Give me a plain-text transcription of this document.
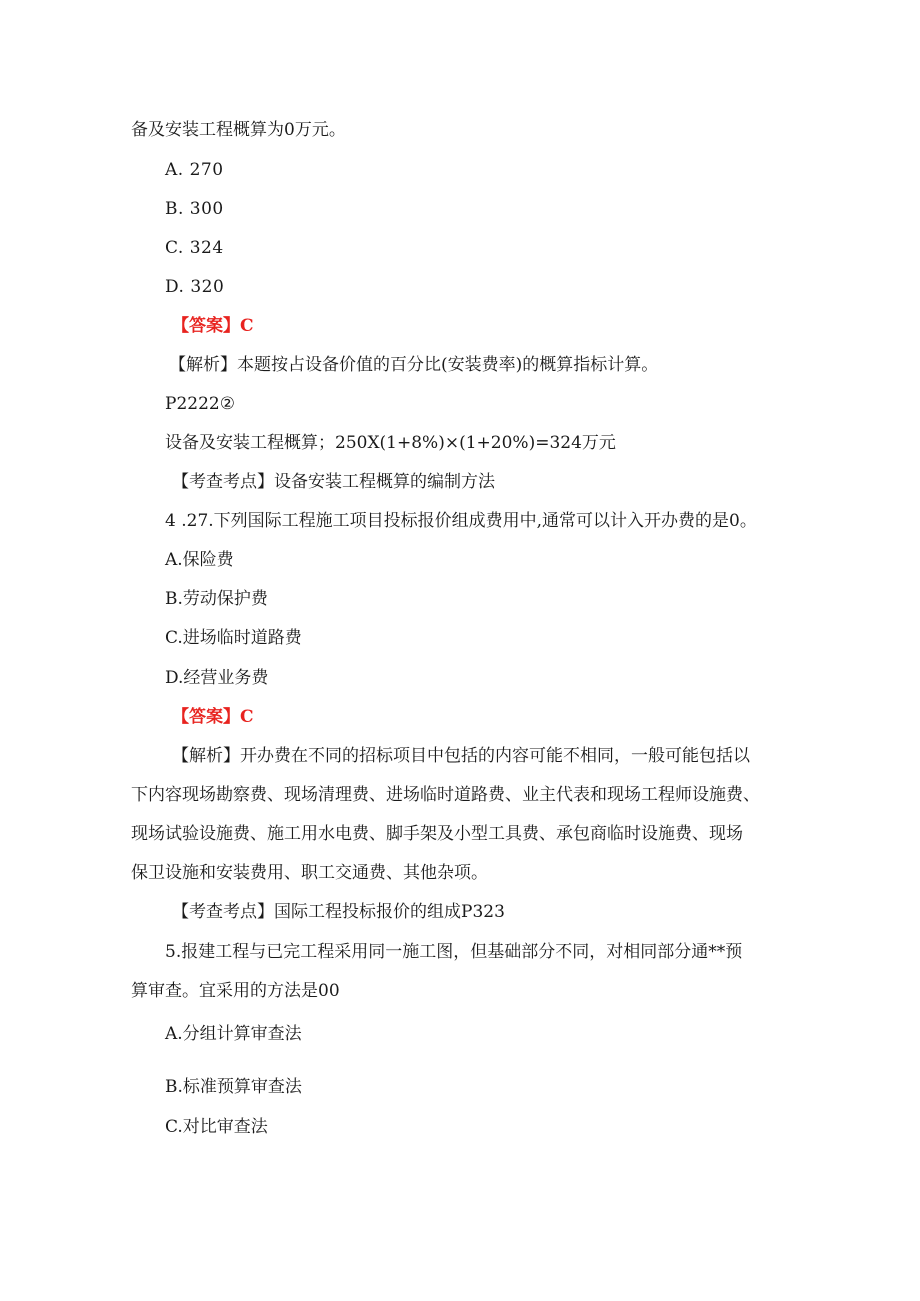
备及安装工程概算为0万元。
A. 270
B. 300
C. 324
D. 320
【答案】C
【解析】本题按占设备价值的百分比(安装费率)的概算指标计算。
P2222②
设备及安装工程概算；250X(1+8%)×(1+20%)=324万元
【考查考点】设备安装工程概算的编制方法
4 .27.下列国际工程施工项目投标报价组成费用中,通常可以计入开办费的是0。
A.保险费
B.劳动保护费
C.进场临时道路费
D.经营业务费
【答案】C
【解析】开办费在不同的招标项目中包括的内容可能不相同，一般可能包括以
下内容现场勘察费、现场清理费、进场临时道路费、业主代表和现场工程师设施费、
现场试验设施费、施工用水电费、脚手架及小型工具费、承包商临时设施费、现场
保卫设施和安装费用、职工交通费、其他杂项。
【考查考点】国际工程投标报价的组成P323
5.报建工程与已完工程采用同一施工图，但基础部分不同，对相同部分通**预
算审查。宜采用的方法是00
A.分组计算审查法
B.标准预算审查法
C.对比审查法
